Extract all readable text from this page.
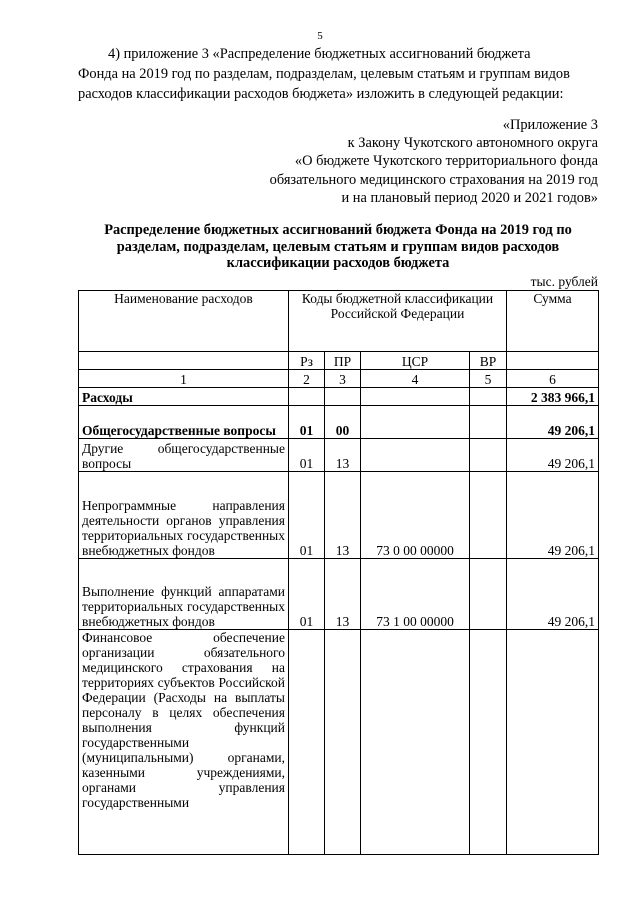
5

4) приложение 3 «Распределение бюджетных ассигнований бюджета

Фонда на 2019 год по разделам, подразделам, целевым статьям и группам видов

расходов классификации расходов бюджета» изложить в следующей редакции:

«Приложение 3
к Закону Чукотского автономного округа
«О бюджете Чукотского территориального фонда
обязательного медицинского страхования на 2019 год
и на плановый период 2020 и 2021 годов»
Распределение бюджетных ассигнований бюджета Фонда на 2019 год по
разделам, подразделам, целевым статьям и группам видов расходов
классификации расходов бюджета
тыс. рублей
Наименование расходов	Коды бюджетной классификации Российской Федерации				Сумма
	Рз	ПР	ЦСР	ВР	
1	2	3	4	5	6
Расходы					2 383 966,1
Общегосударственные вопросы	01	00			49 206,1
Другие общегосударственные вопросы	01	13			49 206,1
Непрограммные направления деятельности органов управления территориальных государственных внебюджетных фондов	01	13	73 0 00 00000		49 206,1
Выполнение функций аппаратами территориальных государственных внебюджетных фондов	01	13	73 1 00 00000		49 206,1
Финансовое обеспечение организации обязательного медицинского страхования на территориях субъектов Российской Федерации (Расходы на выплаты персоналу в целях обеспечения выполнения функций государственными (муниципальными) органами, казенными учреждениями, органами управления государственными					
